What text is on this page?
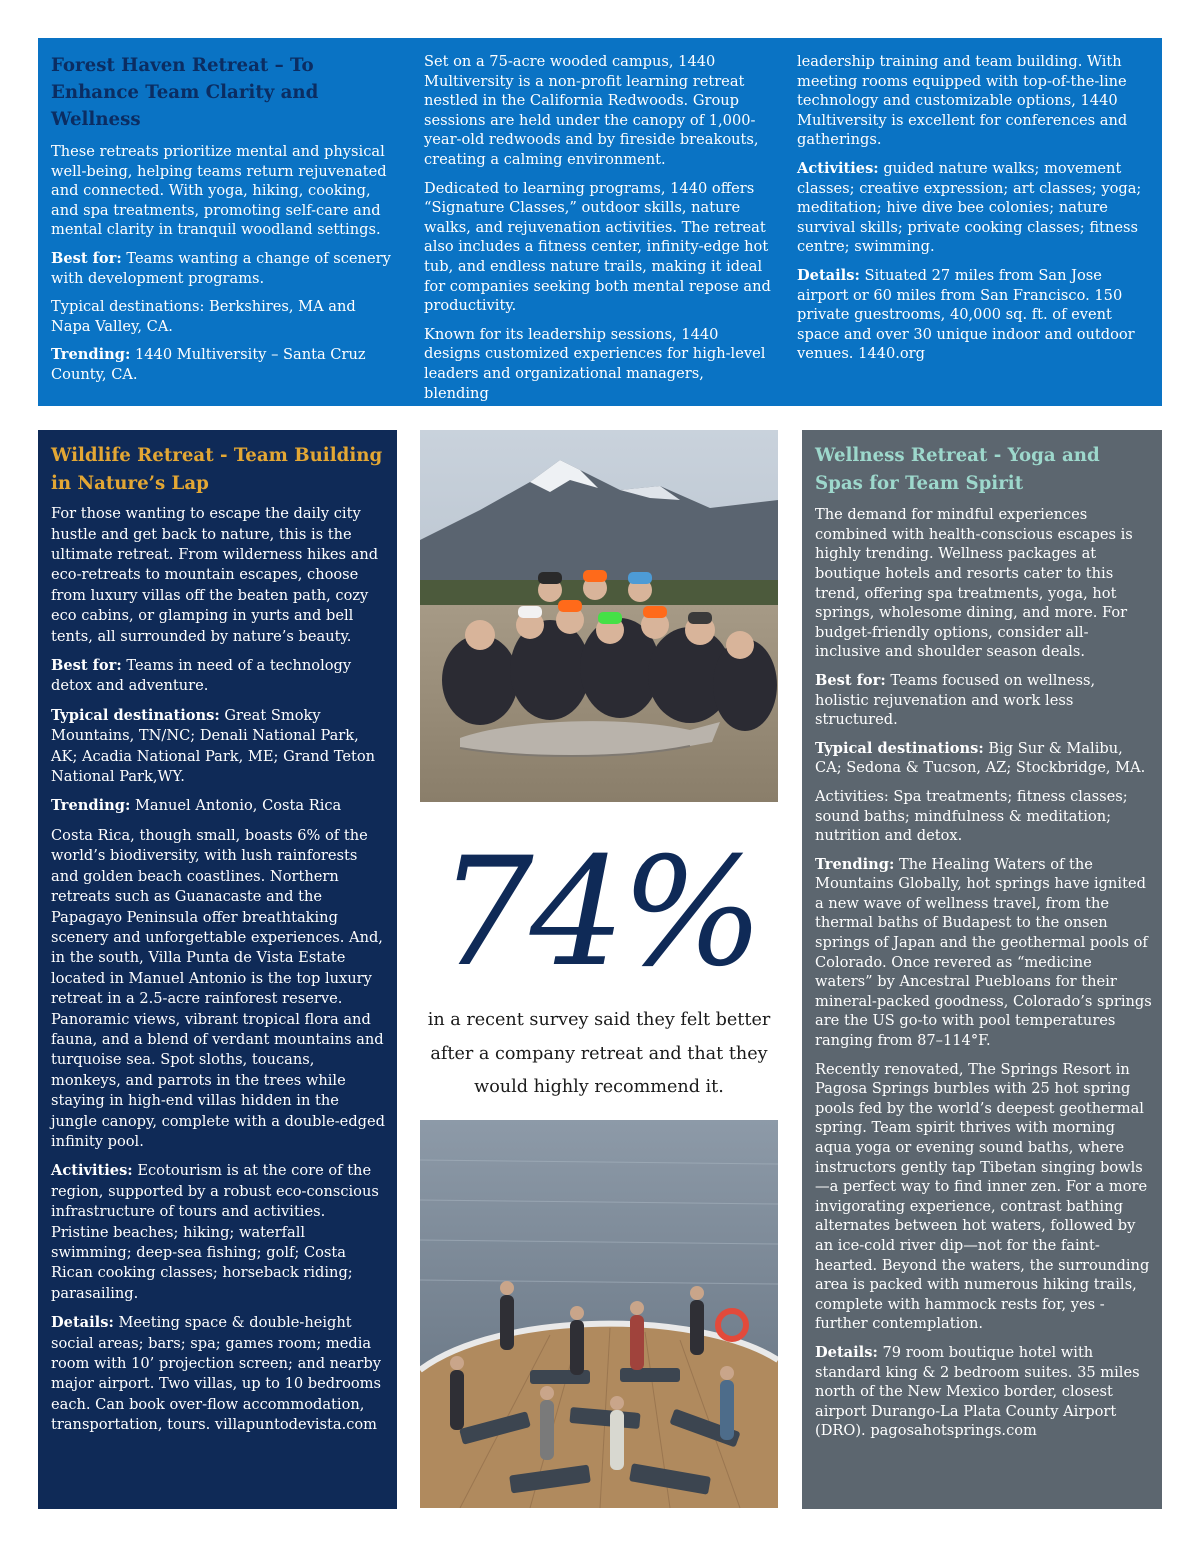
Forest Haven Retreat – To Enhance Team Clarity and Wellness

These retreats prioritize mental and physical well-being, helping teams return rejuvenated and connected. With yoga, hiking, cooking, and spa treatments, promoting self-care and mental clarity in tranquil woodland settings.

Best for: Teams wanting a change of scenery with development programs.

Typical destinations: Berkshires, MA and Napa Valley, CA.

Trending: 1440 Multiversity – Santa Cruz County, CA.

Set on a 75-acre wooded campus, 1440 Multiversity is a non-profit learning retreat nestled in the California Redwoods. Group sessions are held under the canopy of 1,000-year-old redwoods and by fireside breakouts, creating a calming environment.

Dedicated to learning programs, 1440 offers “Signature Classes,” outdoor skills, nature walks, and rejuvenation activities. The retreat also includes a fitness center, infinity-edge hot tub, and endless nature trails, making it ideal for companies seeking both mental repose and productivity.

Known for its leadership sessions, 1440 designs customized experiences for high-level leaders and organizational managers, blending

leadership training and team building. With meeting rooms equipped with top-of-the-line technology and customizable options, 1440 Multiversity is excellent for conferences and gatherings.

Activities: guided nature walks; movement classes; creative expression; art classes; yoga; meditation; hive dive bee colonies; nature survival skills; private cooking classes; fitness centre; swimming.

Details: Situated 27 miles from San Jose airport or 60 miles from San Francisco. 150 private guestrooms, 40,000 sq. ft. of event space and over 30 unique indoor and outdoor venues. 1440.org

Wildlife Retreat - Team Building in Nature’s Lap

For those wanting to escape the daily city hustle and get back to nature, this is the ultimate retreat. From wilderness hikes and eco-retreats to mountain escapes, choose from luxury villas off the beaten path, cozy eco cabins, or glamping in yurts and bell tents, all surrounded by nature’s beauty.

Best for: Teams in need of a technology detox and adventure.

Typical destinations: Great Smoky Mountains, TN/NC; Denali National Park, AK; Acadia National Park, ME; Grand Teton National Park,WY.

Trending: Manuel Antonio, Costa Rica

Costa Rica, though small, boasts 6% of the world’s biodiversity, with lush rainforests and golden beach coastlines. Northern retreats such as Guanacaste and the Papagayo Peninsula offer breathtaking scenery and unforgettable experiences. And, in the south, Villa Punta de Vista Estate located in Manuel Antonio is the top luxury retreat in a 2.5-acre rainforest reserve. Panoramic views, vibrant tropical flora and fauna, and a blend of verdant mountains and turquoise sea. Spot sloths, toucans, monkeys, and parrots in the trees while staying in high-end villas hidden in the jungle canopy, complete with a double-edged infinity pool.

Activities: Ecotourism is at the core of the region, supported by a robust eco-conscious infrastructure of tours and activities. Pristine beaches; hiking; waterfall swimming; deep-sea fishing; golf; Costa Rican cooking classes; horseback riding; parasailing.

Details: Meeting space & double-height social areas; bars; spa; games room; media room with 10’ projection screen; and nearby major airport. Two villas, up to 10 bedrooms each. Can book over-flow accommodation, transportation, tours. villapuntodevista.com

74%

in a recent survey said they felt better after a company retreat and that they would highly recommend it.

Wellness Retreat - Yoga and Spas for Team Spirit

The demand for mindful experiences combined with health-conscious escapes is highly trending. Wellness packages at boutique hotels and resorts cater to this trend, offering spa treatments, yoga, hot springs, wholesome dining, and more. For budget-friendly options, consider all-inclusive and shoulder season deals.

Best for: Teams focused on wellness, holistic rejuvenation and work less structured.

Typical destinations: Big Sur & Malibu, CA; Sedona & Tucson, AZ; Stockbridge, MA.

Activities: Spa treatments; fitness classes; sound baths; mindfulness & meditation; nutrition and detox.

Trending: The Healing Waters of the Mountains Globally, hot springs have ignited a new wave of wellness travel, from the thermal baths of Budapest to the onsen springs of Japan and the geothermal pools of Colorado. Once revered as “medicine waters” by Ancestral Puebloans for their mineral-packed goodness, Colorado’s springs are the US go-to with pool temperatures ranging from 87–114°F.

Recently renovated, The Springs Resort in Pagosa Springs burbles with 25 hot spring pools fed by the world’s deepest geothermal spring. Team spirit thrives with morning aqua yoga or evening sound baths, where instructors gently tap Tibetan singing bowls—a perfect way to find inner zen. For a more invigorating experience, contrast bathing alternates between hot waters, followed by an ice-cold river dip—not for the faint-hearted. Beyond the waters, the surrounding area is packed with numerous hiking trails, complete with hammock rests for, yes - further contemplation.

Details: 79 room boutique hotel with standard king & 2 bedroom suites. 35 miles north of the New Mexico border, closest airport Durango-La Plata County Airport (DRO). pagosahotsprings.com
